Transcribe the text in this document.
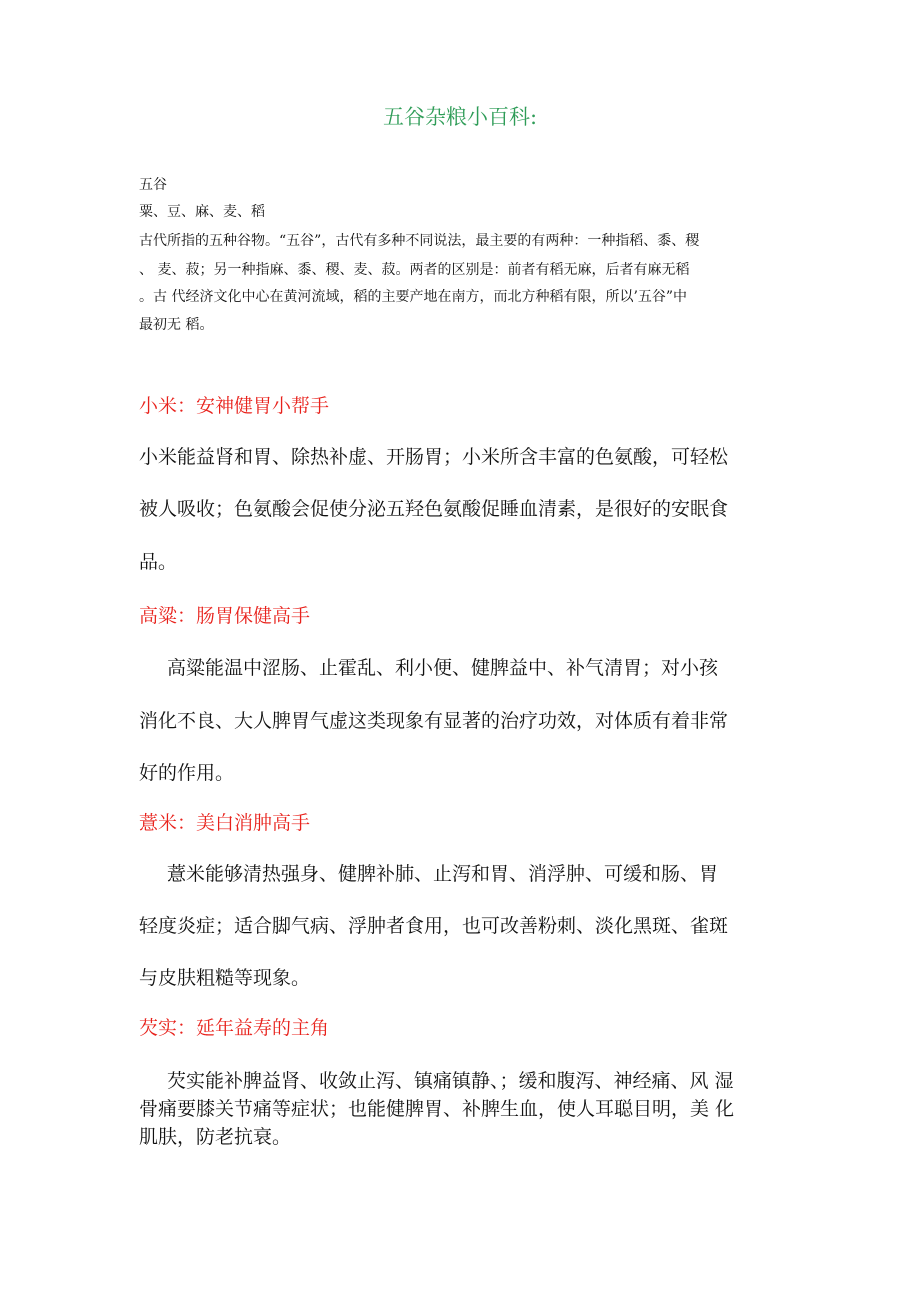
五谷杂粮小百科:
五谷
粟、豆、麻、麦、稻
古代所指的五种谷物。“五谷”，古代有多种不同说法，最主要的有两种：一种指稻、黍、稷
、 麦、菽；另一种指麻、黍、稷、麦、菽。两者的区别是：前者有稻无麻，后者有麻无稻
。古 代经济文化中心在黄河流域，稻的主要产地在南方，而北方种稻有限，所以’五谷”中
最初无 稻。
小米：安神健胃小帮手
小米能益肾和胃、除热补虚、开肠胃；小米所含丰富的色氨酸，可轻松
被人吸收；色氨酸会促使分泌五羟色氨酸促睡血清素，是很好的安眠食
品。
高粱：肠胃保健高手
高粱能温中涩肠、止霍乱、利小便、健脾益中、补气清胃；对小孩
消化不良、大人脾胃气虚这类现象有显著的治疗功效，对体质有着非常
好的作用。
薏米：美白消肿高手
薏米能够清热强身、健脾补肺、止泻和胃、消浮肿、可缓和肠、胃
轻度炎症；适合脚气病、浮肿者食用，也可改善粉刺、淡化黑斑、雀斑
与皮肤粗糙等现象。
芡实：延年益寿的主角
芡实能补脾益肾、收敛止泻、镇痛镇静、；缓和腹泻、神经痛、风 湿
骨痛要膝关节痛等症状；也能健脾胃、补脾生血，使人耳聪目明，美 化
肌肤，防老抗衰。
